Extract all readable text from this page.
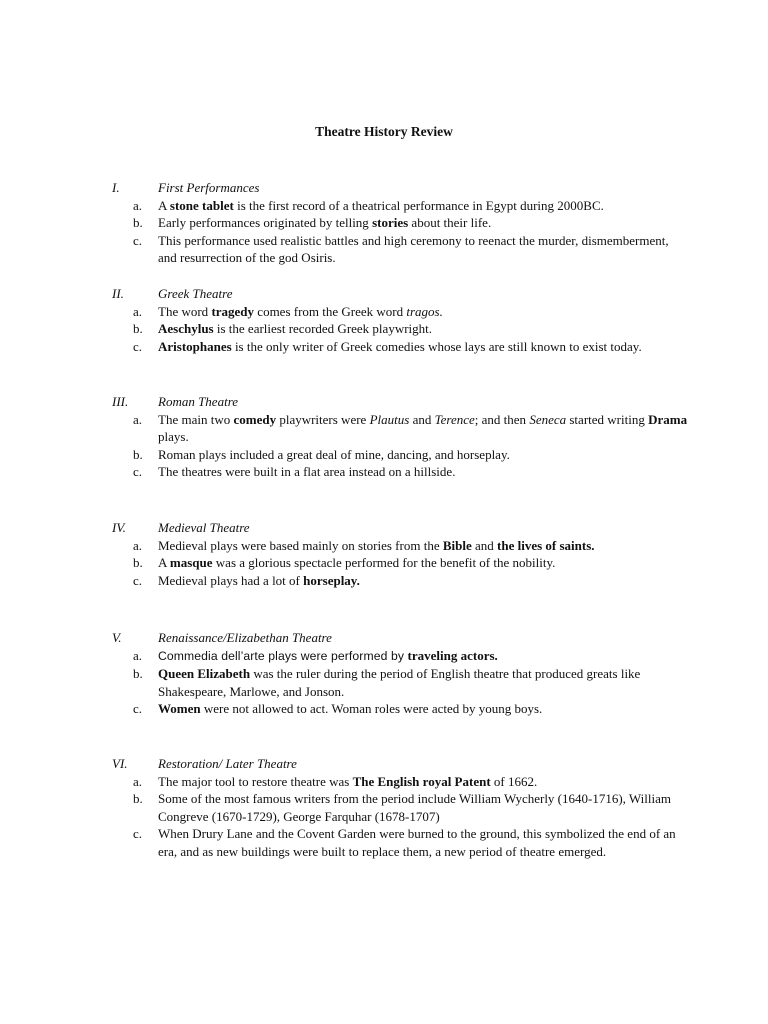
Theatre History Review
I.	First Performances
a. A stone tablet is the first record of a theatrical performance in Egypt during 2000BC.
b. Early performances originated by telling stories about their life.
c. This performance used realistic battles and high ceremony to reenact the murder, dismemberment, and resurrection of the god Osiris.
II.	Greek Theatre
a. The word tragedy comes from the Greek word tragos.
b. Aeschylus is the earliest recorded Greek playwright.
c. Aristophanes is the only writer of Greek comedies whose lays are still known to exist today.
III. Roman Theatre
a. The main two comedy playwriters were Plautus and Terence; and then Seneca started writing Drama plays.
b. Roman plays included a great deal of mine, dancing, and horseplay.
c. The theatres were built in a flat area instead on a hillside.
IV. Medieval Theatre
a. Medieval plays were based mainly on stories from the Bible and the lives of saints.
b. A masque was a glorious spectacle performed for the benefit of the nobility.
c. Medieval plays had a lot of horseplay.
V.	Renaissance/Elizabethan Theatre
a. Commedia dell’arte plays were performed by traveling actors.
b. Queen Elizabeth was the ruler during the period of English theatre that produced greats like Shakespeare, Marlowe, and Jonson.
c. Women were not allowed to act. Woman roles were acted by young boys.
VI. Restoration/ Later Theatre
a. The major tool to restore theatre was The English royal Patent of 1662.
b. Some of the most famous writers from the period include William Wycherly (1640-1716), William Congreve (1670-1729), George Farquhar (1678-1707)
c. When Drury Lane and the Covent Garden were burned to the ground, this symbolized the end of an era, and as new buildings were built to replace them, a new period of theatre emerged.
